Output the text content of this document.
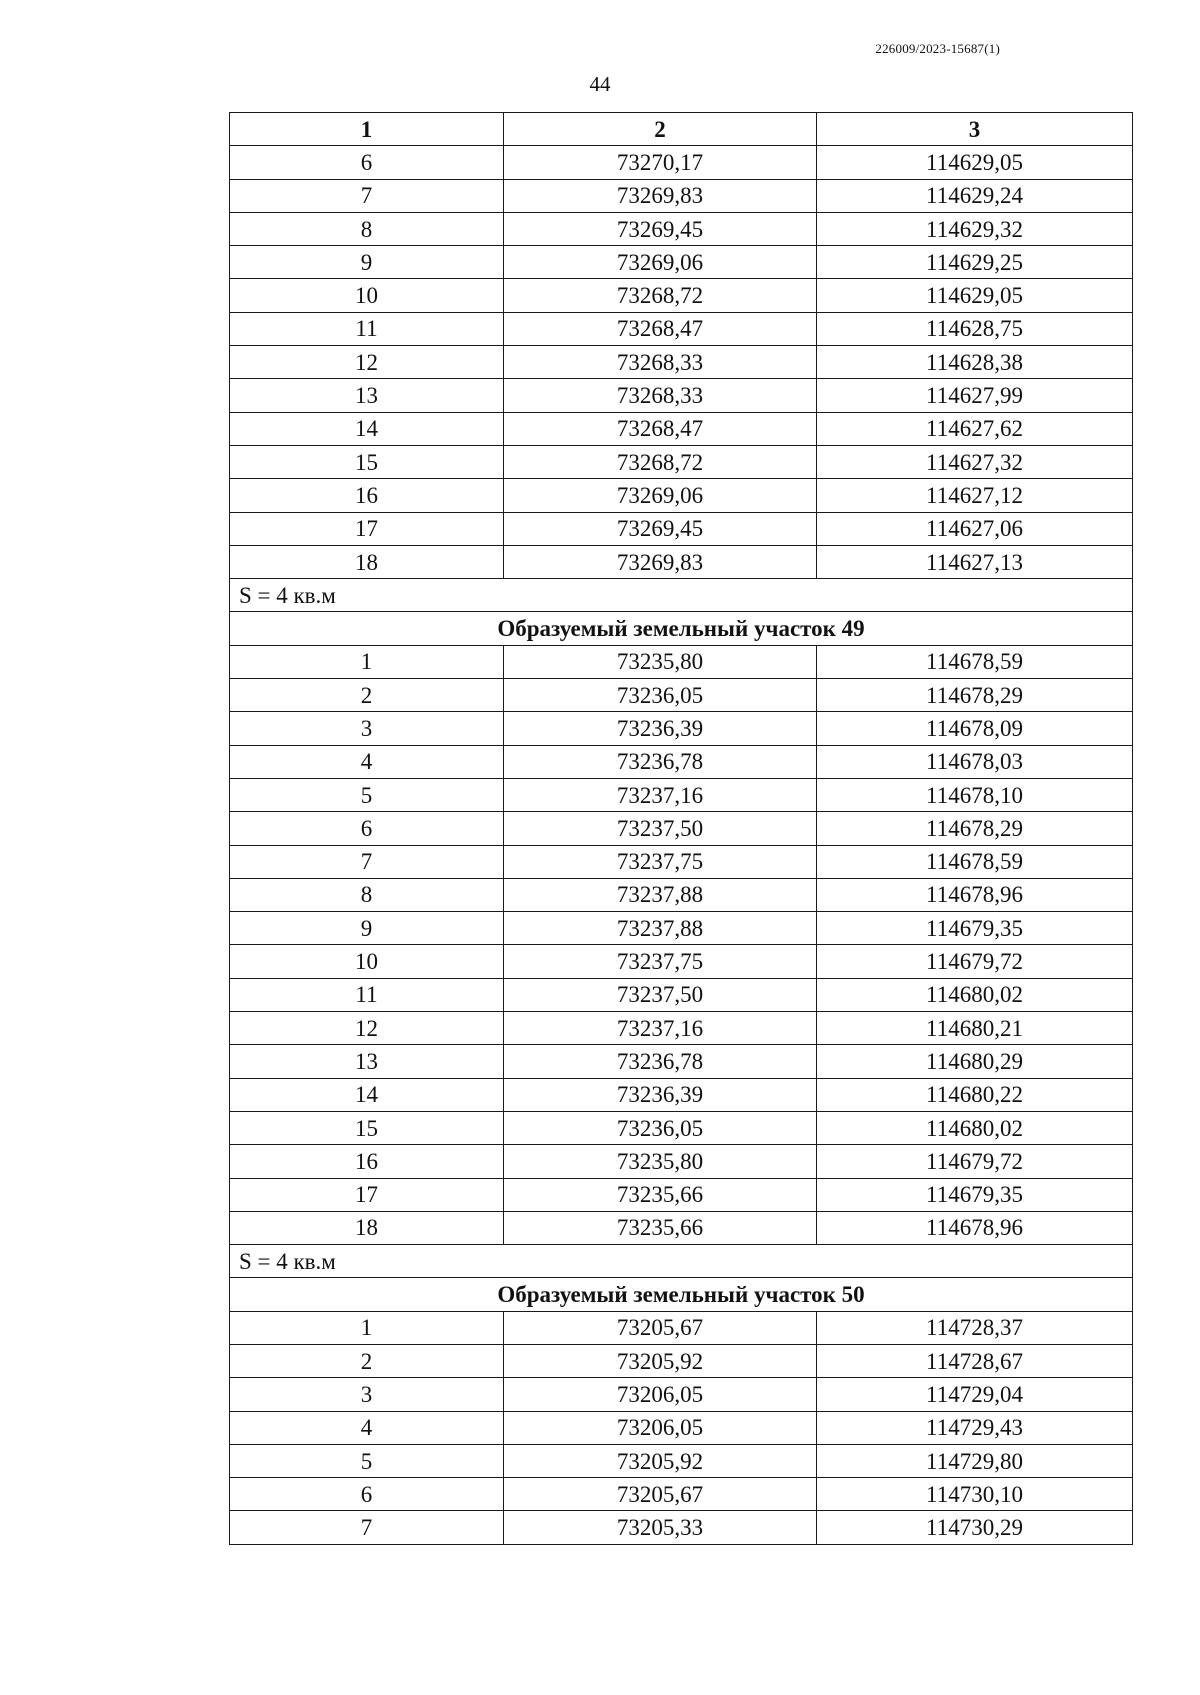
226009/2023-15687(1)
44
1	2	3
6	73270,17	114629,05
7	73269,83	114629,24
8	73269,45	114629,32
9	73269,06	114629,25
10	73268,72	114629,05
11	73268,47	114628,75
12	73268,33	114628,38
13	73268,33	114627,99
14	73268,47	114627,62
15	73268,72	114627,32
16	73269,06	114627,12
17	73269,45	114627,06
18	73269,83	114627,13
S = 4 кв.м		
Образуемый земельный участок 49		
1	73235,80	114678,59
2	73236,05	114678,29
3	73236,39	114678,09
4	73236,78	114678,03
5	73237,16	114678,10
6	73237,50	114678,29
7	73237,75	114678,59
8	73237,88	114678,96
9	73237,88	114679,35
10	73237,75	114679,72
11	73237,50	114680,02
12	73237,16	114680,21
13	73236,78	114680,29
14	73236,39	114680,22
15	73236,05	114680,02
16	73235,80	114679,72
17	73235,66	114679,35
18	73235,66	114678,96
S = 4 кв.м		
Образуемый земельный участок 50		
1	73205,67	114728,37
2	73205,92	114728,67
3	73206,05	114729,04
4	73206,05	114729,43
5	73205,92	114729,80
6	73205,67	114730,10
7	73205,33	114730,29
